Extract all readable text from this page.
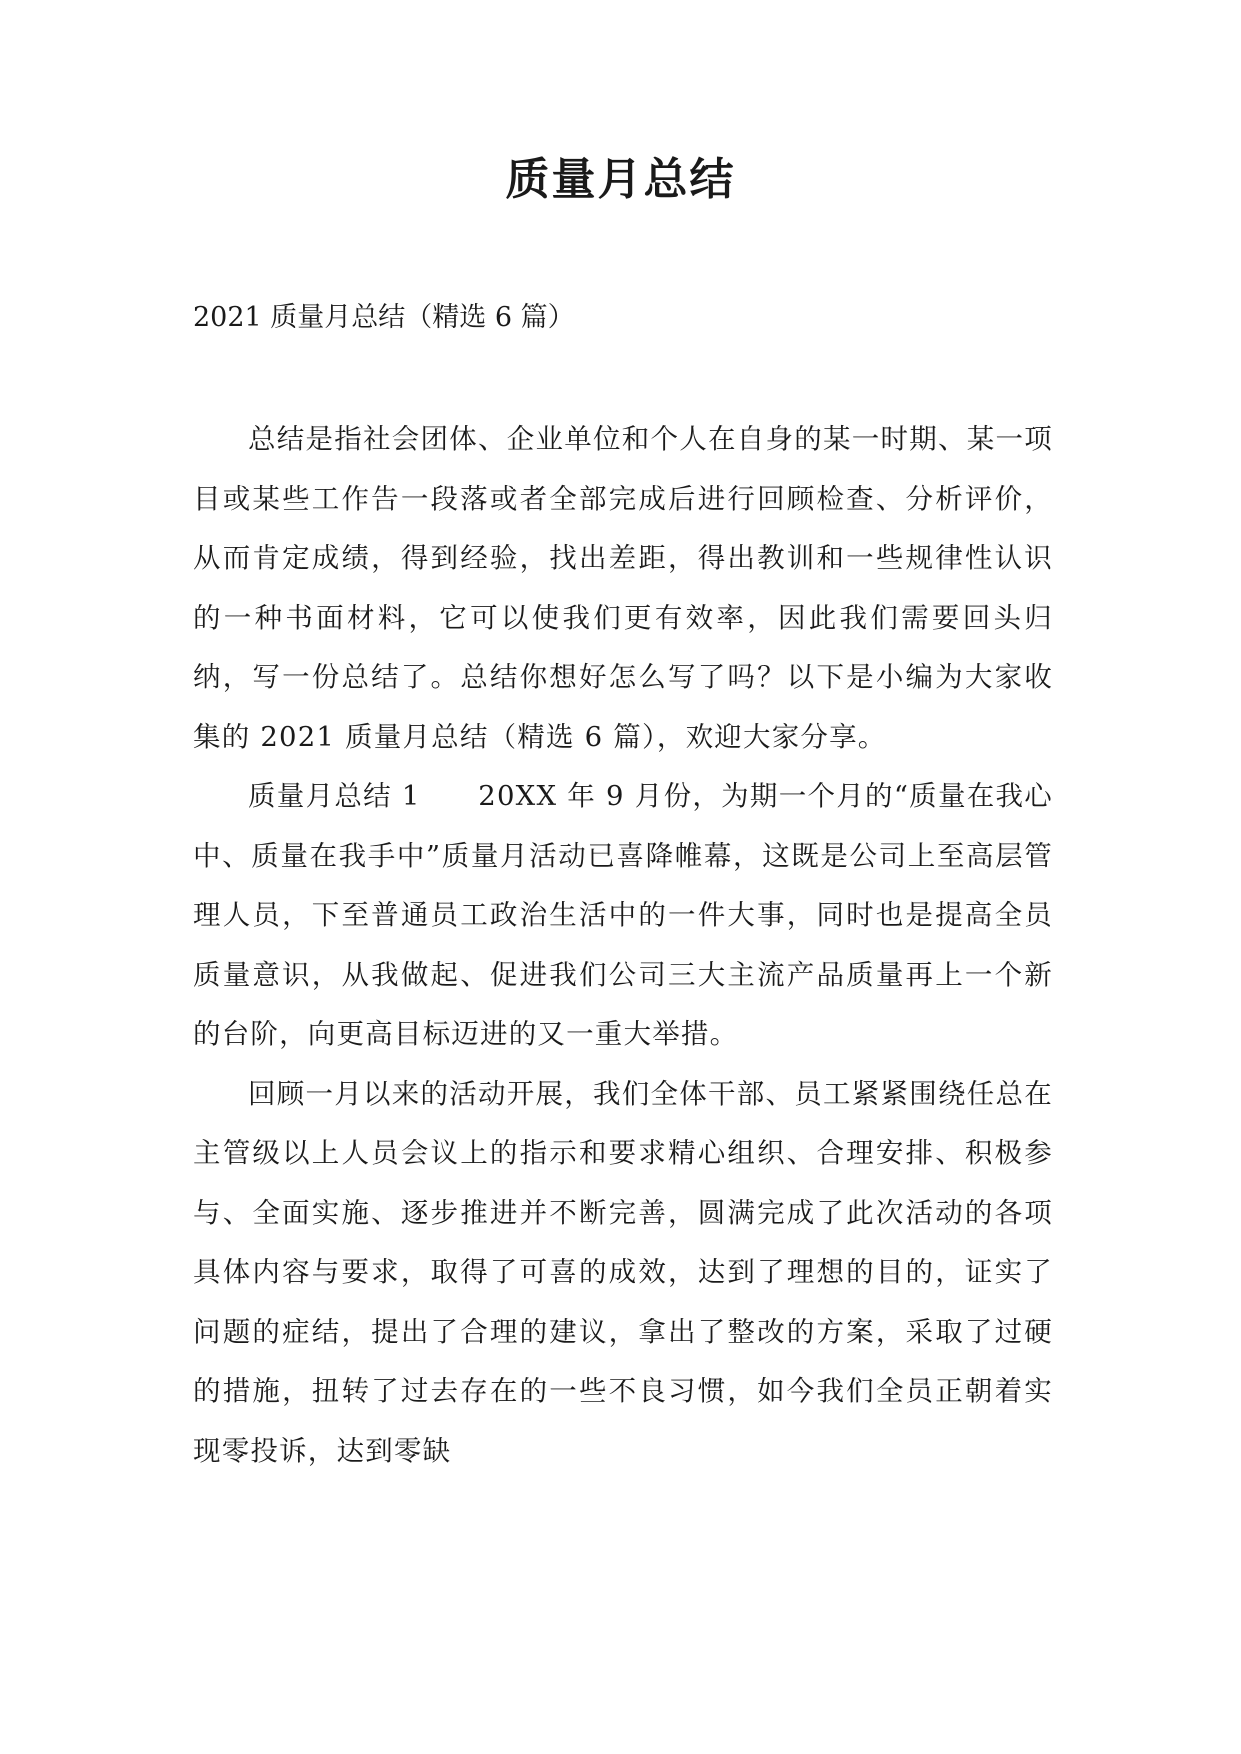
质量月总结

2021 质量月总结（精选 6 篇）

总结是指社会团体、企业单位和个人在自身的某一时期、某一项目或某些工作告一段落或者全部完成后进行回顾检查、分析评价，从而肯定成绩，得到经验，找出差距，得出教训和一些规律性认识的一种书面材料，它可以使我们更有效率，因此我们需要回头归纳，写一份总结了。总结你想好怎么写了吗？以下是小编为大家收集的 2021 质量月总结（精选 6 篇），欢迎大家分享。

质量月总结 1　　20XX 年 9 月份，为期一个月的“质量在我心中、质量在我手中”质量月活动已喜降帷幕，这既是公司上至高层管理人员，下至普通员工政治生活中的一件大事，同时也是提高全员质量意识，从我做起、促进我们公司三大主流产品质量再上一个新的台阶，向更高目标迈进的又一重大举措。

回顾一月以来的活动开展，我们全体干部、员工紧紧围绕任总在主管级以上人员会议上的指示和要求精心组织、合理安排、积极参与、全面实施、逐步推进并不断完善，圆满完成了此次活动的各项具体内容与要求，取得了可喜的成效，达到了理想的目的，证实了问题的症结，提出了合理的建议，拿出了整改的方案，采取了过硬的措施，扭转了过去存在的一些不良习惯，如今我们全员正朝着实现零投诉，达到零缺
